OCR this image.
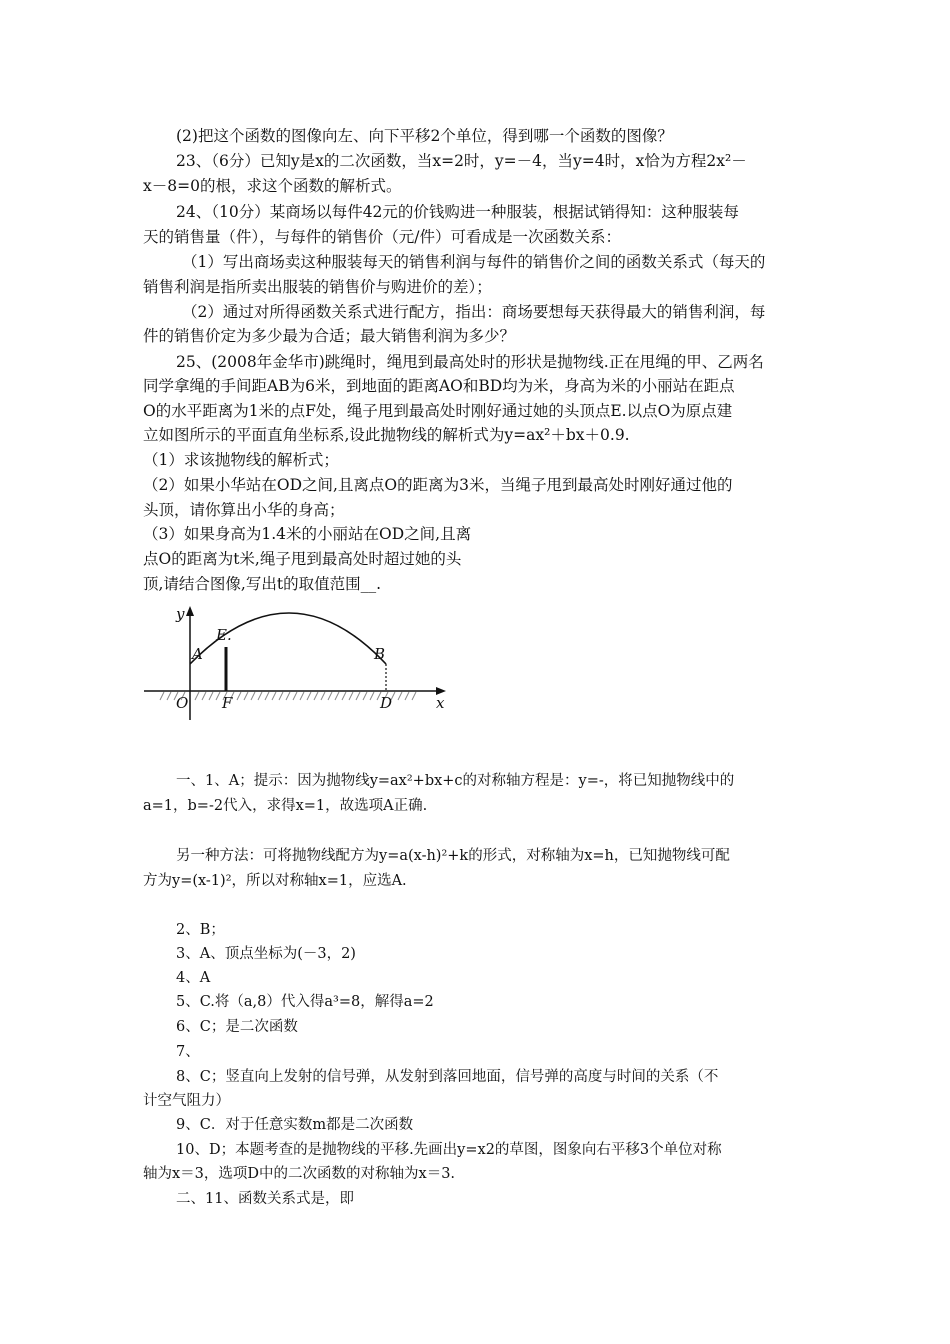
(2)把这个函数的图像向左、向下平移2个单位，得到哪一个函数的图像？
23、（6分）已知y是x的二次函数，当x=2时，y=－4，当y=4时，x恰为方程2x²－
x－8=0的根，求这个函数的解析式。
24、（10分）某商场以每件42元的价钱购进一种服装，根据试销得知：这种服装每
天的销售量（件），与每件的销售价（元/件）可看成是一次函数关系：
（1）写出商场卖这种服装每天的销售利润与每件的销售价之间的函数关系式（每天的
销售利润是指所卖出服装的销售价与购进价的差）；
（2）通过对所得函数关系式进行配方，指出：商场要想每天获得最大的销售利润，每
件的销售价定为多少最为合适；最大销售利润为多少？
25、(2008年金华市)跳绳时，绳甩到最高处时的形状是抛物线.正在甩绳的甲、乙两名
同学拿绳的手间距AB为6米，到地面的距离AO和BD均为米，身高为米的小丽站在距点
O的水平距离为1米的点F处，绳子甩到最高处时刚好通过她的头顶点E.以点O为原点建
立如图所示的平面直角坐标系,设此抛物线的解析式为y=ax²＋bx＋0.9.
（1）求该抛物线的解析式；
（2）如果小华站在OD之间,且离点O的距离为3米，当绳子甩到最高处时刚好通过他的
头顶，请你算出小华的身高；
（3）如果身高为1.4米的小丽站在OD之间,且离
点O的距离为t米,绳子甩到最高处时超过她的头
顶,请结合图像,写出t的取值范围__.
y
E.
A	B
O F	D	x
一、1、A；提示：因为抛物线y=ax²+bx+c的对称轴方程是：y=-，将已知抛物线中的
a=1，b=-2代入，求得x=1，故选项A正确.
另一种方法：可将抛物线配方为y=a(x-h)²+k的形式，对称轴为x=h，已知抛物线可配
方为y=(x-1)²，所以对称轴x=1，应选A.
2、B；
3、A、顶点坐标为(－3，2)
4、A
5、C.将（a,8）代入得a³=8，解得a=2
6、C；是二次函数
7、
8、C；竖直向上发射的信号弹，从发射到落回地面，信号弹的高度与时间的关系（不
计空气阻力）
9、C．对于任意实数m都是二次函数
10、D；本题考查的是抛物线的平移.先画出y=x2的草图，图象向右平移3个单位对称
轴为x＝3，选项D中的二次函数的对称轴为x＝3.
二、11、函数关系式是，即
